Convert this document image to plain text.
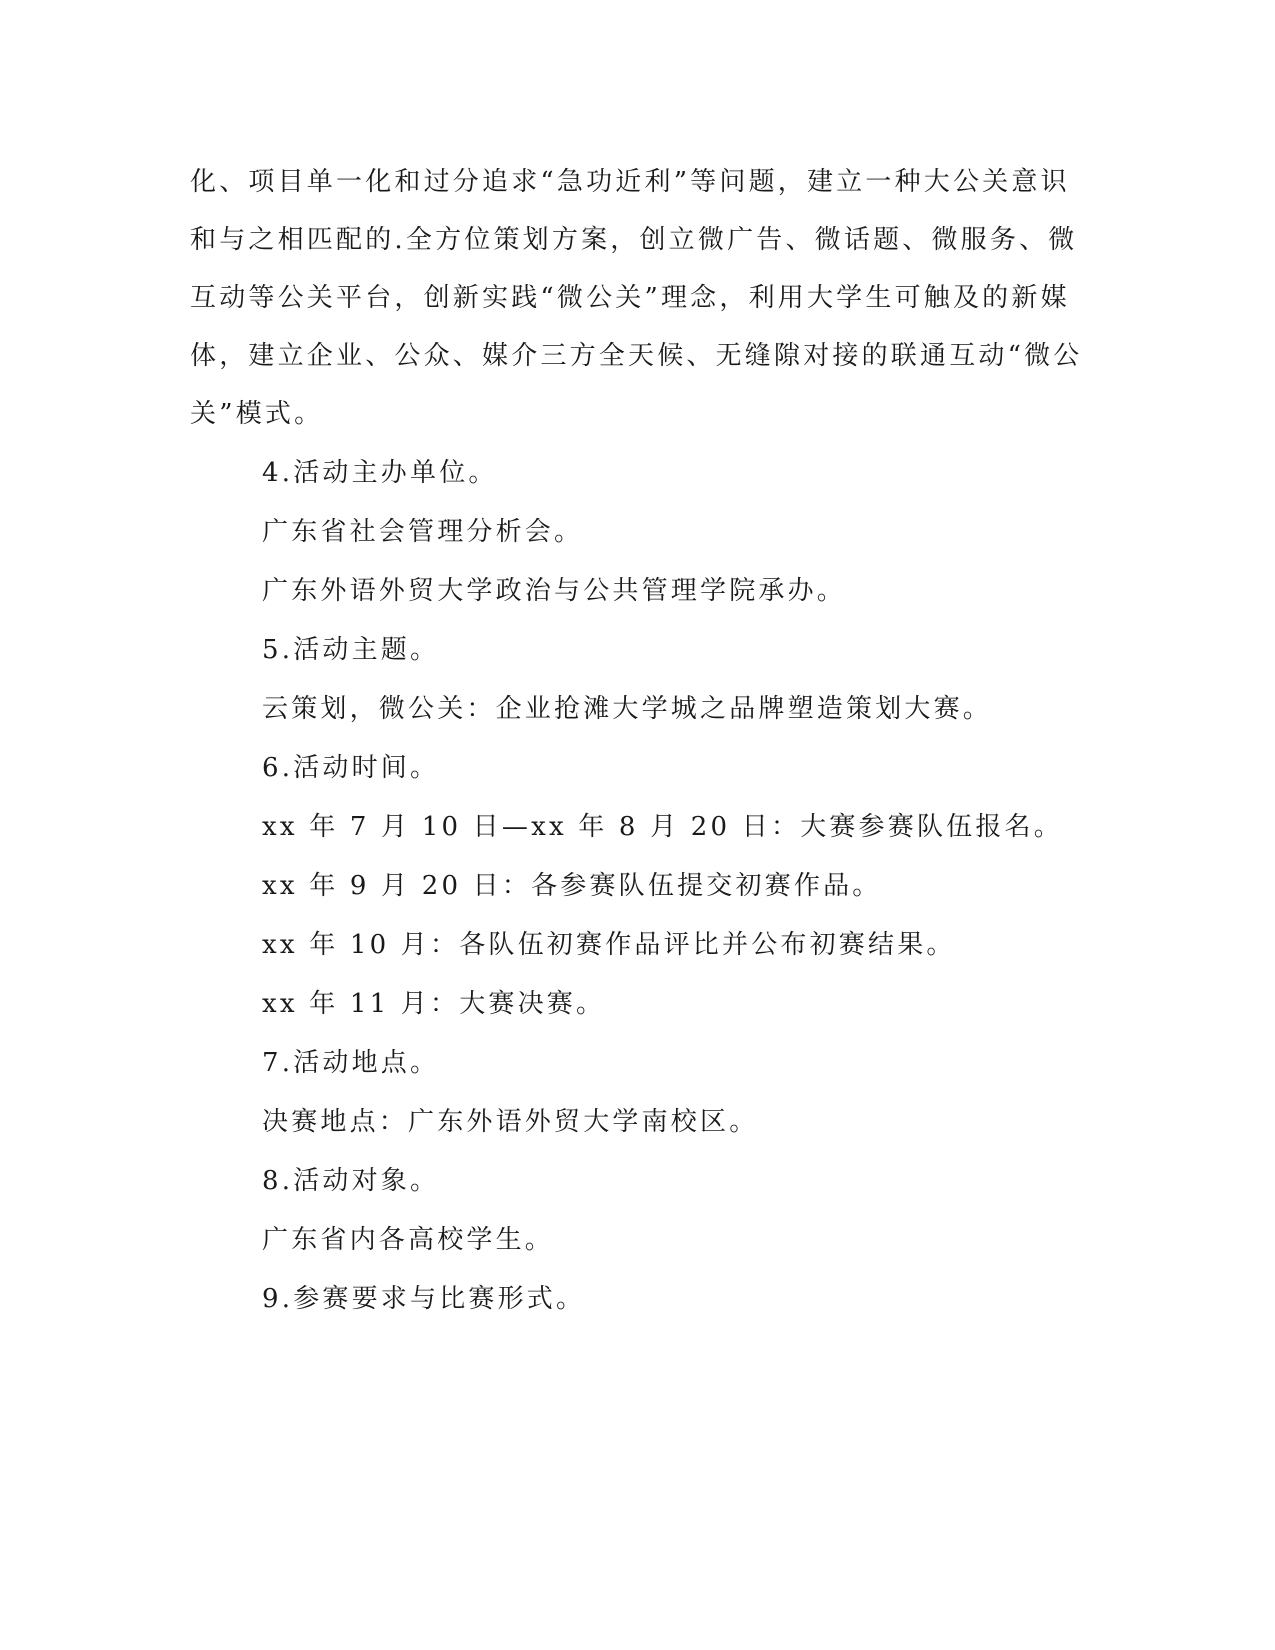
化、项目单一化和过分追求“急功近利”等问题，建立一种大公关意识

和与之相匹配的.全方位策划方案，创立微广告、微话题、微服务、微

互动等公关平台，创新实践“微公关”理念，利用大学生可触及的新媒

体，建立企业、公众、媒介三方全天候、无缝隙对接的联通互动“微公

关”模式。

4.活动主办单位。

广东省社会管理分析会。

广东外语外贸大学政治与公共管理学院承办。

5.活动主题。

云策划，微公关：企业抢滩大学城之品牌塑造策划大赛。

6.活动时间。

xx 年 7 月 10 日—xx 年 8 月 20 日：大赛参赛队伍报名。

xx 年 9 月 20 日：各参赛队伍提交初赛作品。

xx 年 10 月：各队伍初赛作品评比并公布初赛结果。

xx 年 11 月：大赛决赛。

7.活动地点。

决赛地点：广东外语外贸大学南校区。

8.活动对象。

广东省内各高校学生。

9.参赛要求与比赛形式。
